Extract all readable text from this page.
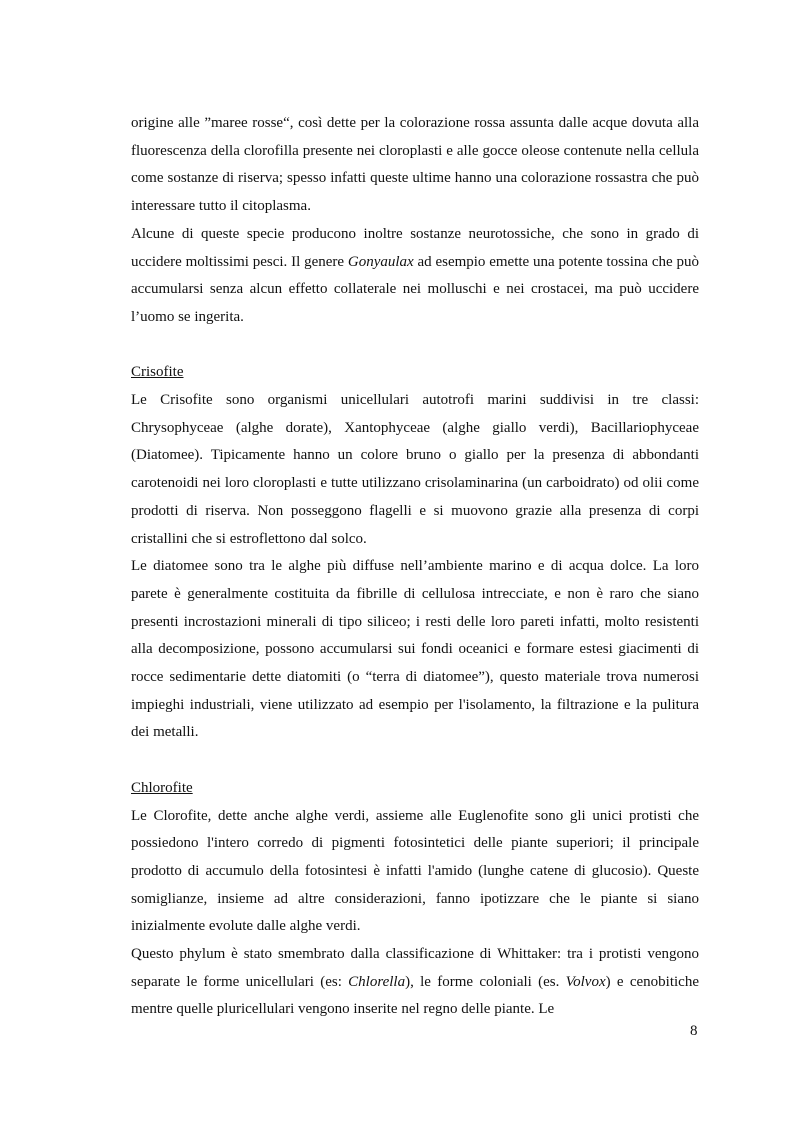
origine alle ”maree rosse“, così dette per la colorazione rossa assunta dalle acque dovuta alla fluorescenza della clorofilla presente nei cloroplasti e alle gocce oleose contenute nella cellula come sostanze di riserva; spesso infatti queste ultime hanno una colorazione rossastra che può interessare tutto il citoplasma.

Alcune di queste specie producono inoltre sostanze neurotossiche, che sono in grado di uccidere moltissimi pesci. Il genere Gonyaulax ad esempio emette una potente tossina che può accumularsi senza alcun effetto collaterale nei molluschi e nei crostacei, ma può uccidere l’uomo se ingerita.

Crisofite

Le Crisofite sono organismi unicellulari autotrofi marini suddivisi in tre classi: Chrysophyceae (alghe dorate), Xantophyceae (alghe giallo verdi), Bacillariophyceae (Diatomee). Tipicamente hanno un colore bruno o giallo per la presenza di abbondanti carotenoidi nei loro cloroplasti e tutte utilizzano crisolaminarina (un carboidrato) od olii come prodotti di riserva. Non posseggono flagelli e si muovono grazie alla presenza di corpi cristallini che si estroflettono dal solco.

Le diatomee sono tra le alghe più diffuse nell’ambiente marino e di acqua dolce. La loro parete è generalmente costituita da fibrille di cellulosa intrecciate, e non è raro che siano presenti incrostazioni minerali di tipo siliceo; i resti delle loro pareti infatti, molto resistenti alla decomposizione, possono accumularsi sui fondi oceanici e formare estesi giacimenti di rocce sedimentarie dette diatomiti (o “terra di diatomee”), questo materiale trova numerosi impieghi industriali, viene utilizzato ad esempio per l'isolamento, la filtrazione e la pulitura dei metalli.

Chlorofite

Le Clorofite, dette anche alghe verdi, assieme alle Euglenofite sono gli unici protisti che possiedono l'intero corredo di pigmenti fotosintetici delle piante superiori; il principale prodotto di accumulo della fotosintesi è infatti l'amido (lunghe catene di glucosio). Queste somiglianze, insieme ad altre considerazioni, fanno ipotizzare che le piante si siano inizialmente evolute dalle alghe verdi.

Questo phylum è stato smembrato dalla classificazione di Whittaker: tra i protisti vengono separate le forme unicellulari (es: Chlorella), le forme coloniali (es. Volvox) e cenobitiche mentre quelle pluricellulari vengono inserite nel regno delle piante. Le

8
